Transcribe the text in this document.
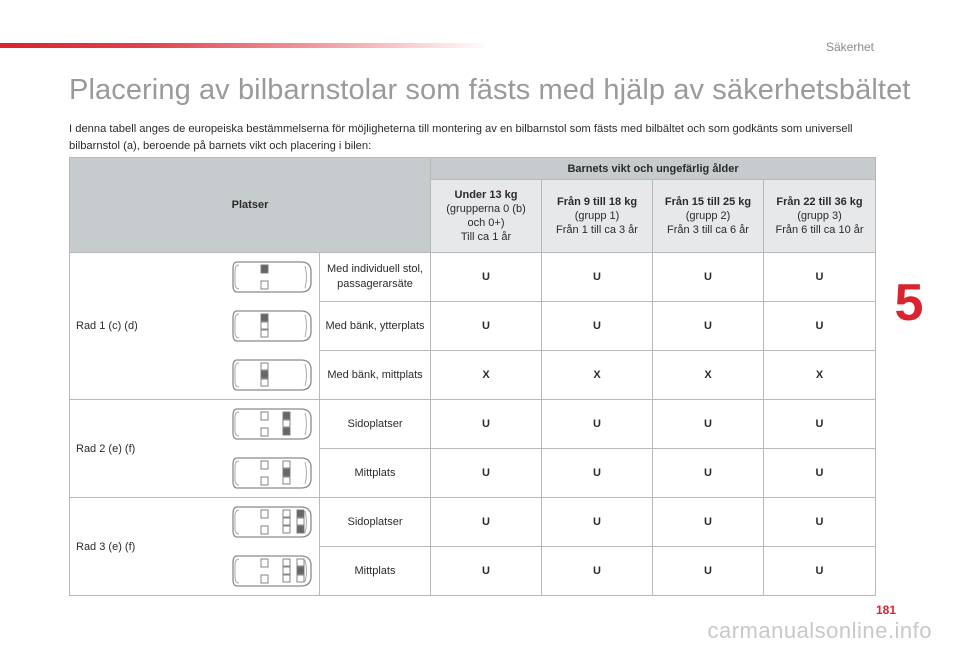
Säkerhet
Placering av bilbarnstolar som fästs med hjälp av säkerhetsbältet
I denna tabell anges de europeiska bestämmelserna för möjligheterna till montering av en bilbarnstol som fästs med bilbältet och som godkänts som universell bilbarnstol (a), beroende på barnets vikt och placering i bilen:
Platser		Barnets vikt och ungefärlig ålder			
		Under 13 kg
(grupperna 0 (b)
och 0+)
Till ca 1 år	Från 9 till 18 kg
(grupp 1)
Från 1 till ca 3 år	Från 15 till 25 kg
(grupp 2)
Från 3 till ca 6 år	Från 22 till 36 kg
(grupp 3)
Från 6 till ca 10 år
Rad 1 (c) (d)	Med individuell stol, passagerarsäte	U	U	U	U
	Med bänk, ytterplats	U	U	U	U
	Med bänk, mittplats	X	X	X	X
Rad 2 (e) (f)	Sidoplatser	U	U	U	U
	Mittplats	U	U	U	U
Rad 3 (e) (f)	Sidoplatser	U	U	U	U
	Mittplats	U	U	U	U
5
181
carmanualsonline.info
